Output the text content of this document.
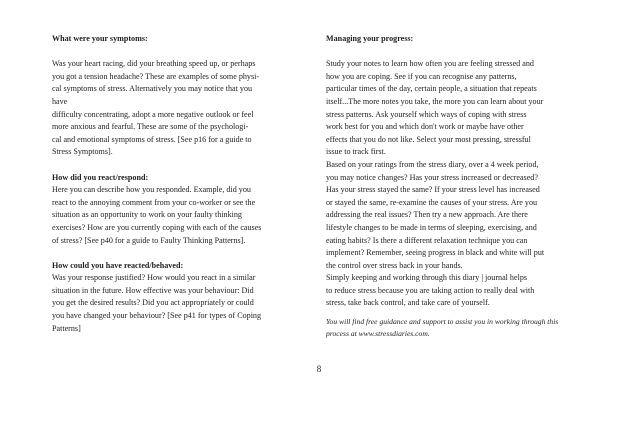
What were your symptoms:
Was your heart racing, did your breathing speed up, or perhaps
you got a tension headache? These are examples of some physi-
cal symptoms of stress. Alternatively you may notice that you
have
difficulty concentrating, adopt a more negative outlook or feel
more anxious and fearful. These are some of the psychologi-
cal and emotional symptoms of stress. [See p16 for a guide to
Stress Symptoms].
How did you react/respond:
Here you can describe how you responded. Example, did you
react to the annoying comment from your co-worker or see the
situation as an opportunity to work on your faulty thinking
exercises? How are you currently coping with each of the causes
of stress? [See p40 for a guide to Faulty Thinking Patterns].
How could you have reacted/behaved:
Was your response justified? How would you react in a similar
situation in the future. How effective was your behaviour: Did
you get the desired results? Did you act appropriately or could
you have changed your behaviour? [See p41 for types of Coping
Patterns]
Managing your progress:
Study your notes to learn how often you are feeling stressed and
how you are coping. See if you can recognise any patterns,
particular times of the day, certain people, a situation that repeats
itself...The more notes you take, the more you can learn about your
stress patterns. Ask yourself which ways of coping with stress
work best for you and which don't work or maybe have other
effects that you do not like. Select your most pressing, stressful
issue to track first.
Based on your ratings from the stress diary, over a 4 week period,
you may notice changes? Has your stress increased or decreased?
Has your stress stayed the same? If your stress level has increased
or stayed the same, re-examine the causes of your stress. Are you
addressing the real issues? Then try a new approach. Are there
lifestyle changes to be made in terms of sleeping, exercising, and
eating habits? Is there a different relaxation technique you can
implement? Remember, seeing progress in black and white will put
the control over stress back in your hands.
Simply keeping and working through this diary | journal helps
to reduce stress because you are taking action to really deal with
stress, take back control, and take care of yourself.
You will find free guidance and support to assist you in working through this
process at www.stressdiaries.com.
8
